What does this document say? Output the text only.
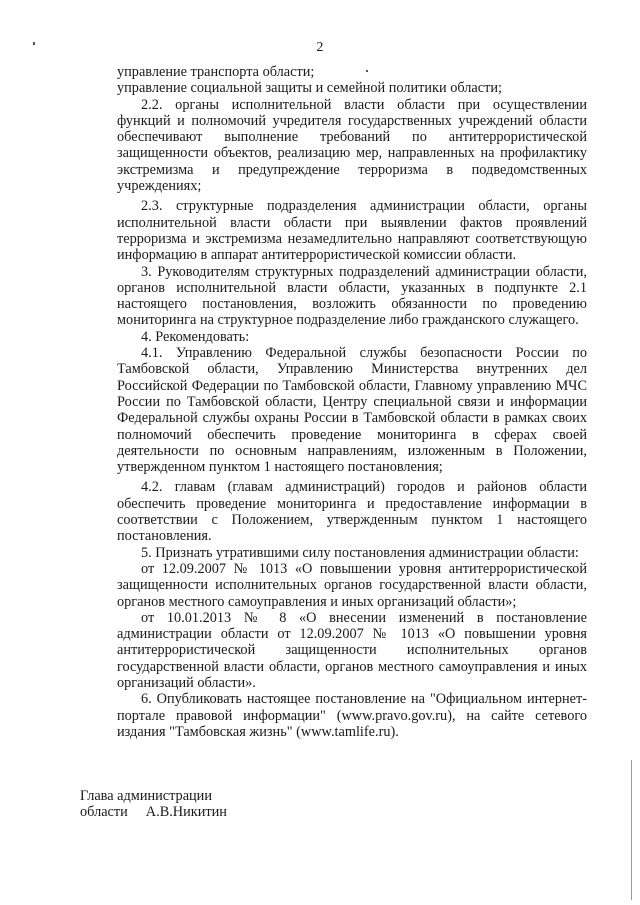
2

управление транспорта области;

управление социальной защиты и семейной политики области;

2.2. органы исполнительной власти области при осуществлении функций и полномочий учредителя государственных учреждений области обеспечивают выполнение требований по антитеррористической защищенности объектов, реализацию мер, направленных на профилактику экстремизма и предупреждение терроризма в подведомственных учреждениях;

2.3. структурные подразделения администрации области, органы исполнительной власти области при выявлении фактов проявлений терроризма и экстремизма незамедлительно направляют соответствующую информацию в аппарат антитеррористической комиссии области.

3. Руководителям структурных подразделений администрации области, органов исполнительной власти области, указанных в подпункте 2.1 настоящего постановления, возложить обязанности по проведению мониторинга на структурное подразделение либо гражданского служащего.

4. Рекомендовать:

4.1. Управлению Федеральной службы безопасности России по Тамбовской области, Управлению Министерства внутренних дел Российской Федерации по Тамбовской области, Главному управлению МЧС России по Тамбовской области, Центру специальной связи и информации Федеральной службы охраны России в Тамбовской области в рамках своих полномочий обеспечить проведение мониторинга в сферах своей деятельности по основным направлениям, изложенным в Положении, утвержденном пунктом 1 настоящего постановления;

4.2. главам (главам администраций) городов и районов области обеспечить проведение мониторинга и предоставление информации в соответствии с Положением, утвержденным пунктом 1 настоящего постановления.

5. Признать утратившими силу постановления администрации области:

от 12.09.2007 № 1013 «О повышении уровня антитеррористической защищенности исполнительных органов государственной власти области, органов местного самоуправления и иных организаций области»;

от 10.01.2013 № 8 «О внесении изменений в постановление администрации области от 12.09.2007 № 1013 «О повышении уровня антитеррористической защищенности исполнительных органов государственной власти области, органов местного самоуправления и иных организаций области».

6. Опубликовать настоящее постановление на "Официальном интернет-портале правовой информации" (www.pravo.gov.ru), на сайте сетевого издания "Тамбовская жизнь" (www.tamlife.ru).

Глава администрации
области А.В.Никитин
